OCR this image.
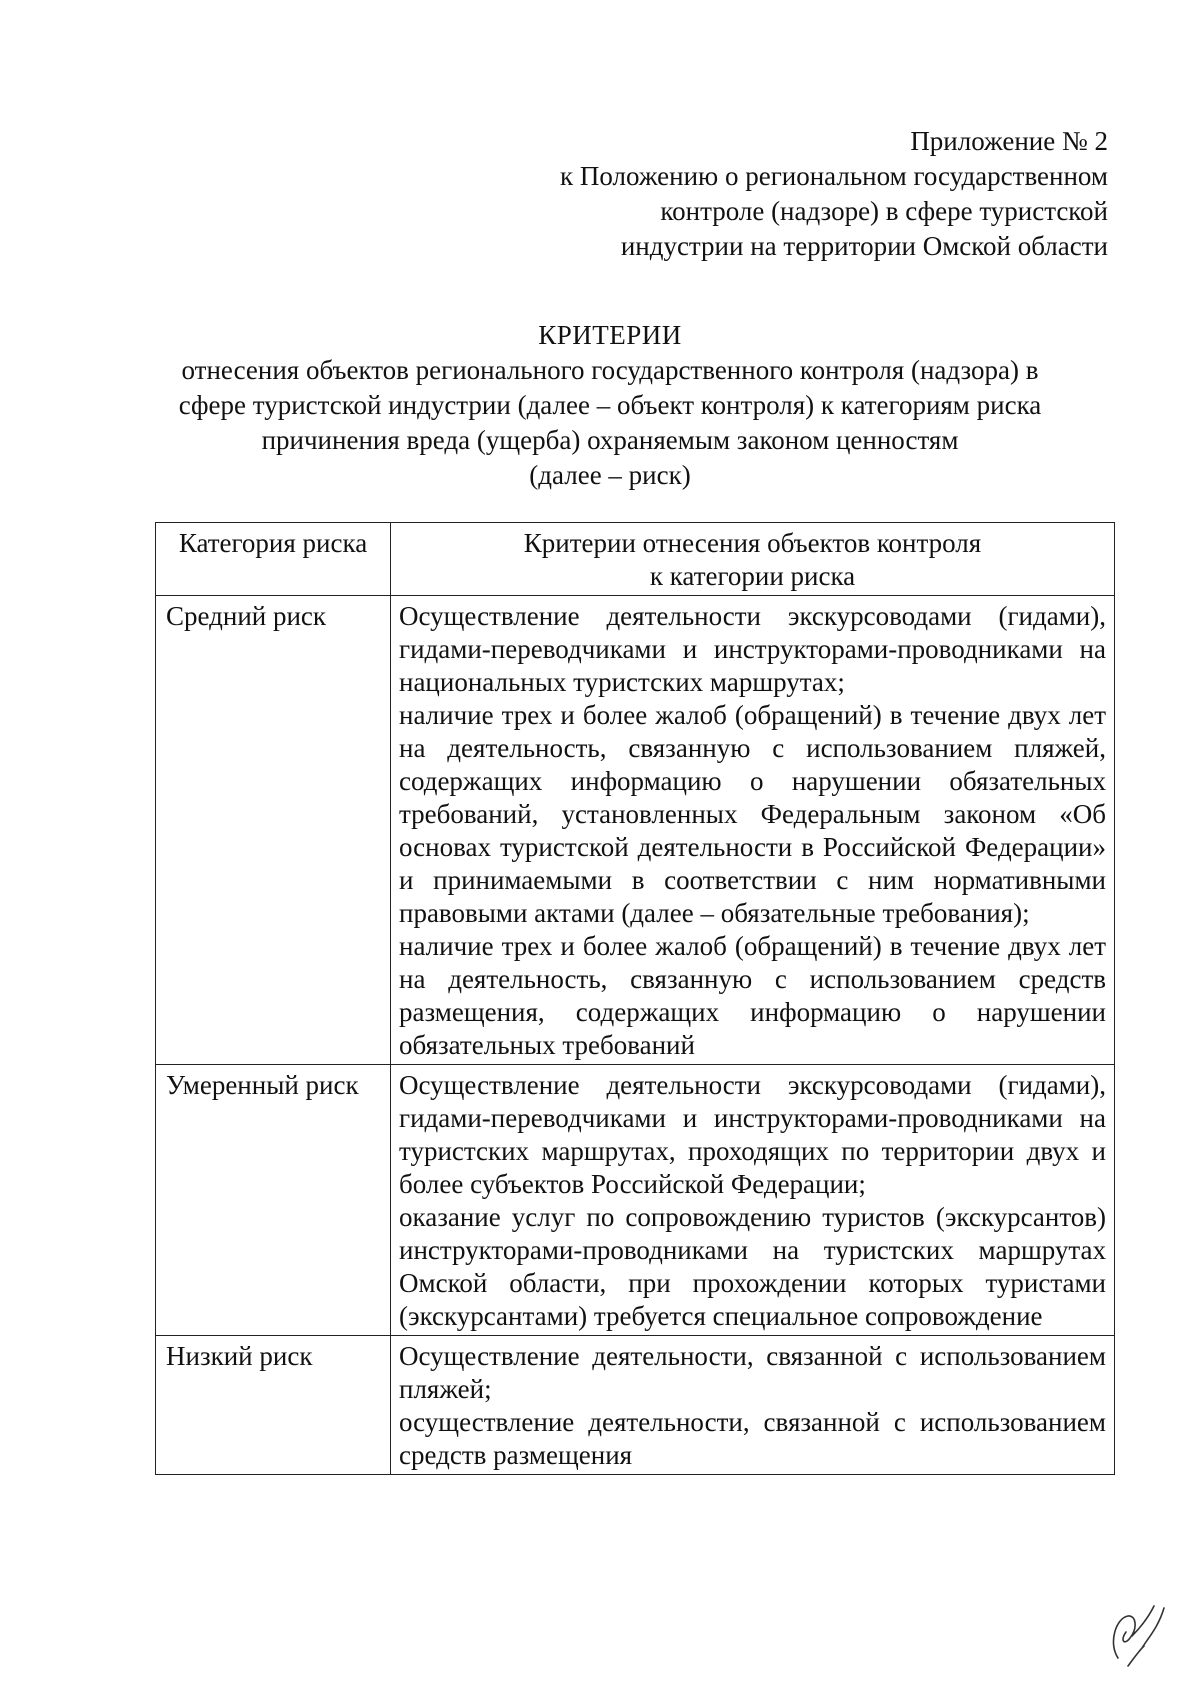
Приложение № 2
к Положению о региональном государственном
контроле (надзоре) в сфере туристской
индустрии на территории Омской области
КРИТЕРИИ
отнесения объектов регионального государственного контроля (надзора) в
сфере туристской индустрии (далее – объект контроля) к категориям риска
причинения вреда (ущерба) охраняемым законом ценностям
(далее – риск)
Категория риска	Критерии отнесения объектов контроля
к категории риска

Средний риск	Осуществление деятельности экскурсоводами (гидами), гидами-переводчиками и инструкторами-проводниками на национальных туристских маршрутах;

наличие трех и более жалоб (обращений) в течение двух лет на деятельность, связанную с использованием пляжей, содержащих информацию о нарушении обязательных требований, установленных Федеральным законом «Об основах туристской деятельности в Российской Федерации» и принимаемыми в соответствии с ним нормативными правовыми актами (далее – обязательные требования);

наличие трех и более жалоб (обращений) в течение двух лет на деятельность, связанную с использованием средств размещения, содержащих информацию о нарушении обязательных требований

Умеренный риск	Осуществление деятельности экскурсоводами (гидами), гидами-переводчиками и инструкторами-проводниками на туристских маршрутах, проходящих по территории двух и более субъектов Российской Федерации;

оказание услуг по сопровождению туристов (экскурсантов) инструкторами-проводниками на туристских маршрутах Омской области, при прохождении которых туристами (экскурсантами) требуется специальное сопровождение

Низкий риск	Осуществление деятельности, связанной с использованием пляжей;

осуществление деятельности, связанной с использованием средств размещения
